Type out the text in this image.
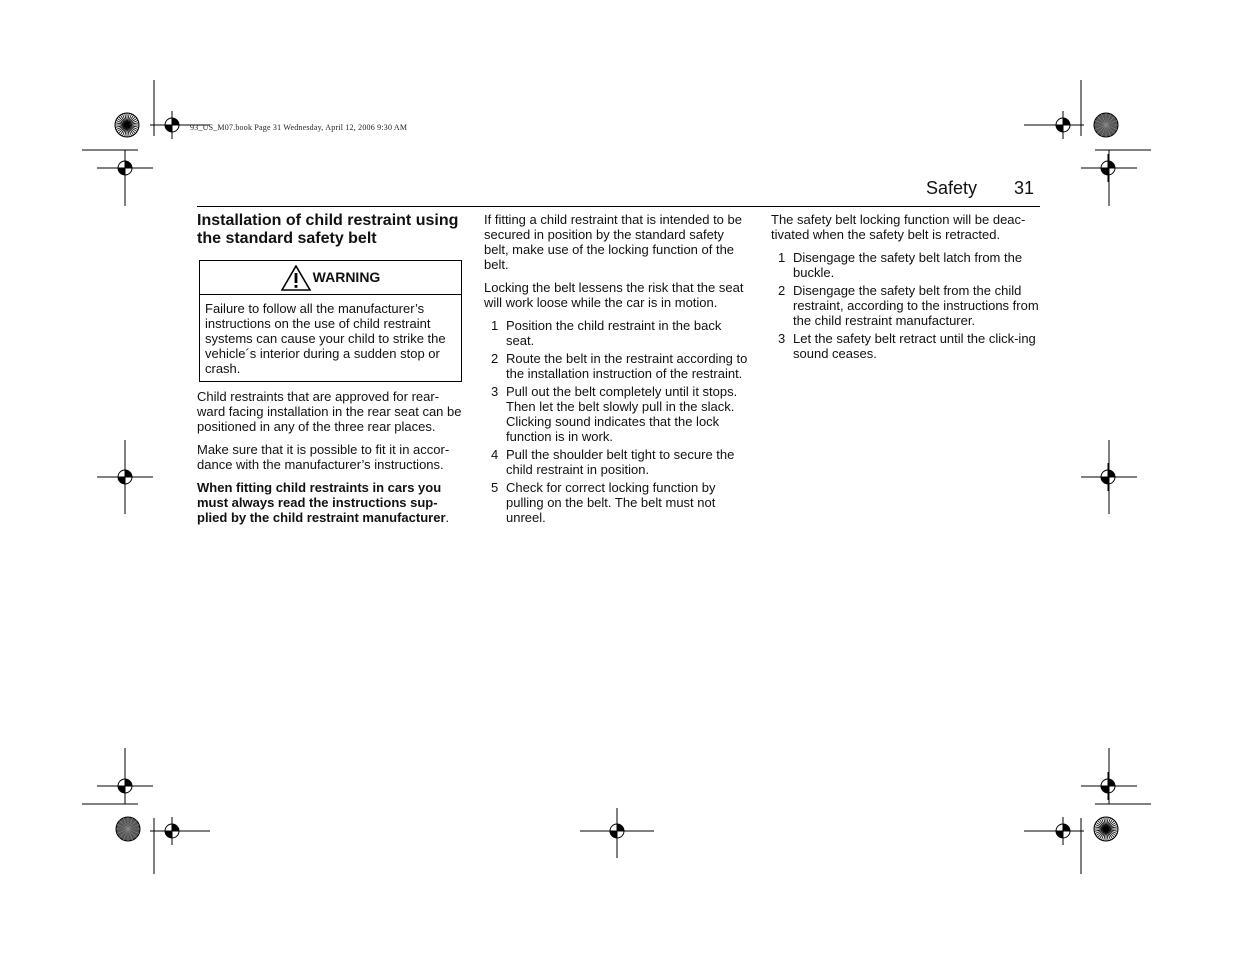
93_US_M07.book Page 31 Wednesday, April 12, 2006 9:30 AM
Safety 31
Installation of child restraint using the standard safety belt
WARNING
Failure to follow all the manufacturer’s instructions on the use of child restraint systems can cause your child to strike the vehicle´s interior during a sudden stop or crash.

Child restraints that are approved for rear-ward facing installation in the rear seat can be positioned in any of the three rear places.

Make sure that it is possible to fit it in accor-dance with the manufacturer’s instructions.

When fitting child restraints in cars you must always read the instructions sup-plied by the child restraint manufacturer.

If fitting a child restraint that is intended to be secured in position by the standard safety belt, make use of the locking function of the belt.

Locking the belt lessens the risk that the seat will work loose while the car is in motion.

1 Position the child restraint in the back seat.
2 Route the belt in the restraint according to the installation instruction of the restraint.
3 Pull out the belt completely until it stops. Then let the belt slowly pull in the slack. Clicking sound indicates that the lock function is in work.
4 Pull the shoulder belt tight to secure the child restraint in position.
5 Check for correct locking function by pulling on the belt. The belt must not unreel.

The safety belt locking function will be deac-tivated when the safety belt is retracted.

1 Disengage the safety belt latch from the buckle.
2 Disengage the safety belt from the child restraint, according to the instructions from the child restraint manufacturer.
3 Let the safety belt retract until the click-ing sound ceases.
